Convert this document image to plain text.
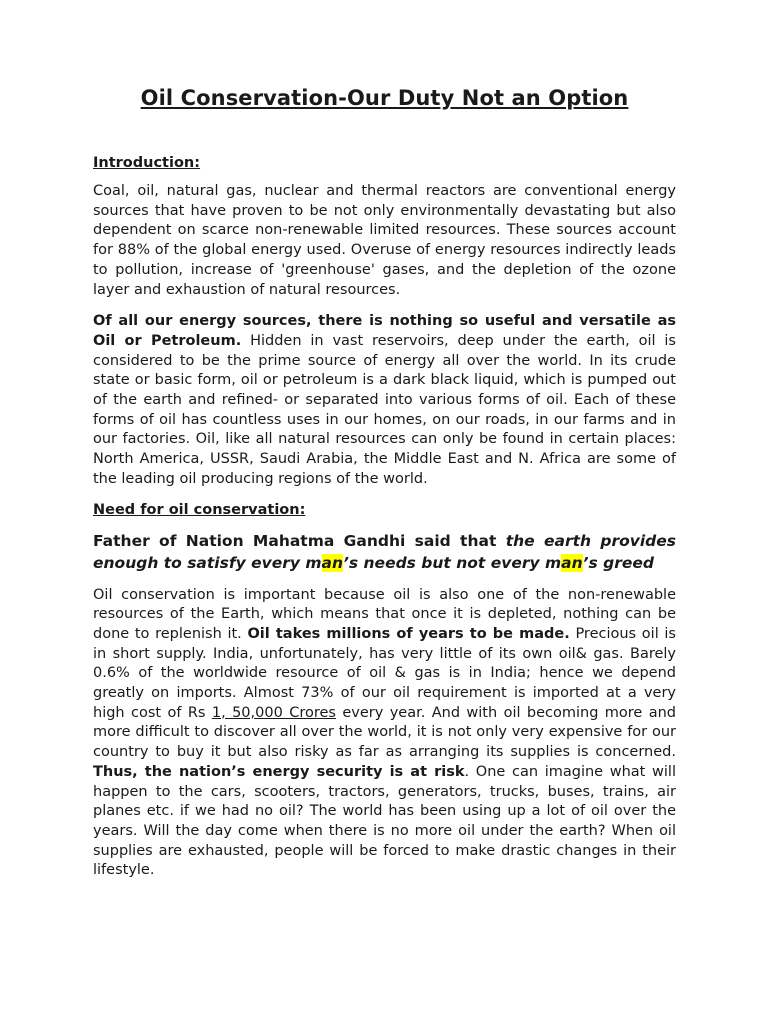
Oil Conservation-Our Duty Not an Option
Introduction:

Coal, oil, natural gas, nuclear and thermal reactors are conventional energy sources that have proven to be not only environmentally devastating but also dependent on scarce non-renewable limited resources. These sources account for 88% of the global energy used. Overuse of energy resources indirectly leads to pollution, increase of 'greenhouse' gases, and the depletion of the ozone layer and exhaustion of natural resources.

Of all our energy sources, there is nothing so useful and versatile as Oil or Petroleum. Hidden in vast reservoirs, deep under the earth, oil is considered to be the prime source of energy all over the world. In its crude state or basic form, oil or petroleum is a dark black liquid, which is pumped out of the earth and refined- or separated into various forms of oil. Each of these forms of oil has countless uses in our homes, on our roads, in our farms and in our factories. Oil, like all natural resources can only be found in certain places: North America, USSR, Saudi Arabia, the Middle East and N. Africa are some of the leading oil producing regions of the world.

Need for oil conservation:

Father of Nation Mahatma Gandhi said that the earth provides enough to satisfy every man’s needs but not every man’s greed

Oil conservation is important because oil is also one of the non-renewable resources of the Earth, which means that once it is depleted, nothing can be done to replenish it. Oil takes millions of years to be made. Precious oil is in short supply. India, unfortunately, has very little of its own oil& gas. Barely 0.6% of the worldwide resource of oil & gas is in India; hence we depend greatly on imports. Almost 73% of our oil requirement is imported at a very high cost of Rs 1, 50,000 Crores every year. And with oil becoming more and more difficult to discover all over the world, it is not only very expensive for our country to buy it but also risky as far as arranging its supplies is concerned. Thus, the nation’s energy security is at risk. One can imagine what will happen to the cars, scooters, tractors, generators, trucks, buses, trains, air planes etc. if we had no oil? The world has been using up a lot of oil over the years. Will the day come when there is no more oil under the earth? When oil supplies are exhausted, people will be forced to make drastic changes in their lifestyle.
